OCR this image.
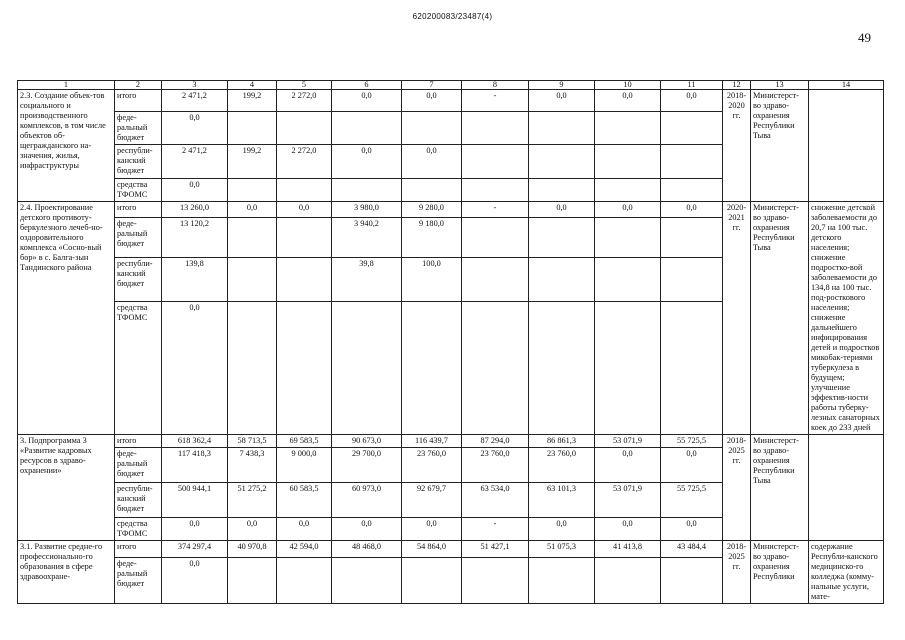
620200083/23487(4)
49
1	2	3	4	5	6	7	8	9	10	11	12	13	14
2.3. Создание объек-тов социального и производственного комплексов, в том числе объектов об-щегражданского на-значения, жилья, инфраструктуры	итого	2 471,2	199,2	2 272,0	0,0	0,0	-	0,0	0,0	0,0	2018-2020 гг.	Министерст-во здраво-охранения Республики Тыва	
	феде-ральный бюджет	0,0											
	республи-канский бюджет	2 471,2	199,2	2 272,0	0,0	0,0							
	средства ТФОМС	0,0											
2.4. Проектирование детского противоту-беркулезного лечеб-но-оздоровительного комплекса «Сосно-вый бор» в с. Балга-зын Тандинского района	итого	13 260,0	0,0	0,0	3 980,0	9 280,0	-	0,0	0,0	0,0	2020-2021 гг.	Министерст-во здраво-охранения Республики Тыва	снижение детской заболеваемости до 20,7 на 100 тыс. детского населения; снижение подростко-вой заболеваемости до 134,8 на 100 тыс. под-росткового населения; снижение дальнейшего инфицирования детей и подростков микобак-териями туберкулеза в будущем; улучшение эффектив-ности работы туберку-лезных санаторных коек до 233 дней
	феде-ральный бюджет	13 120,2			3 940,2	9 180,0							
	республи-канский бюджет	139,8			39,8	100,0							
	средства ТФОМС	0,0											
3. Подпрограмма 3 «Развитие кадровых ресурсов в здраво-охранении»	итого	618 362,4	58 713,5	69 583,5	90 673,0	116 439,7	87 294,0	86 861,3	53 071,9	55 725,5	2018-2025 гг.	Министерст-во здраво-охранения Республики Тыва	
	феде-ральный бюджет	117 418,3	7 438,3	9 000,0	29 700,0	23 760,0	23 760,0	23 760,0	0,0	0,0			
	республи-канский бюджет	500 944,1	51 275,2	60 583,5	60 973,0	92 679,7	63 534,0	63 101,3	53 071,9	55 725,5			
	средства ТФОМС	0,0	0,0	0,0	0,0	0,0	-	0,0	0,0	0,0			
3.1. Развитие средне-го профессионально-го образования в сфере здравоохране-	итого	374 297,4	40 970,8	42 594,0	48 468,0	54 864,0	51 427,1	51 075,3	41 413,8	43 484,4	2018-2025 гг.	Министерст-во здраво-охранения Республики	содержание Республи-канского медицинско-го колледжа (комму-нальные услуги, мате-
	феде-ральный бюджет	0,0											
